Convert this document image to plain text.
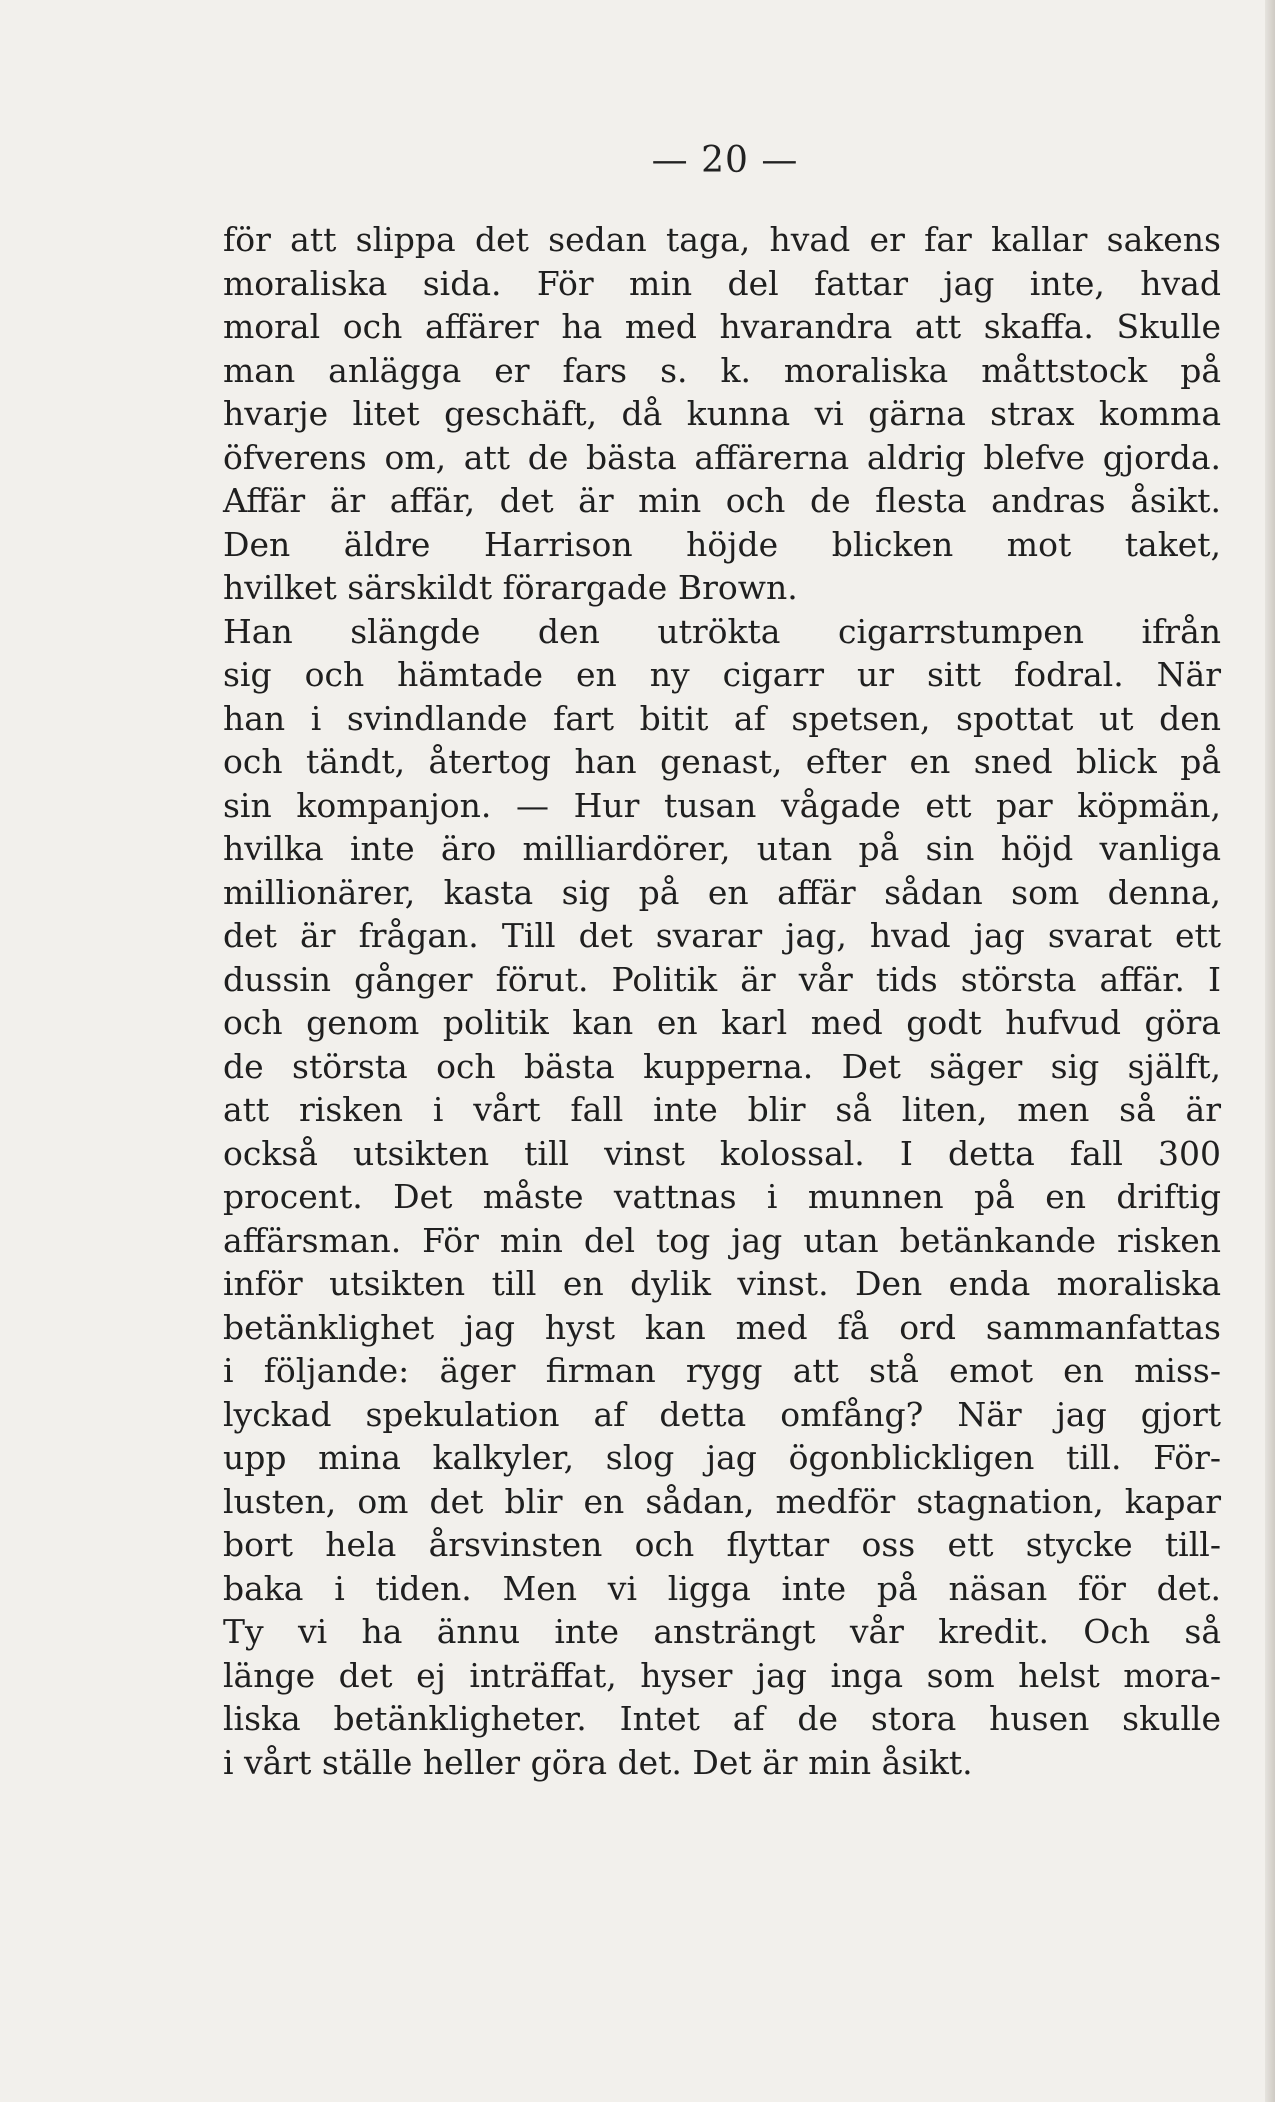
— 20 —
för att slippa det sedan taga, hvad er far kallar sakens
moraliska sida. För min del fattar jag inte, hvad
moral och affärer ha med hvarandra att skaffa. Skulle
man anlägga er fars s. k. moraliska måttstock på
hvarje litet geschäft, då kunna vi gärna strax komma
öfverens om, att de bästa affärerna aldrig blefve gjorda.
Affär är affär, det är min och de flesta andras åsikt.
Den äldre Harrison höjde blicken mot taket,
hvilket särskildt förargade Brown.
Han slängde den utrökta cigarrstumpen ifrån
sig och hämtade en ny cigarr ur sitt fodral. När
han i svindlande fart bitit af spetsen, spottat ut den
och tändt, återtog han genast, efter en sned blick på
sin kompanjon. — Hur tusan vågade ett par köpmän,
hvilka inte äro milliardörer, utan på sin höjd vanliga
millionärer, kasta sig på en affär sådan som denna,
det är frågan. Till det svarar jag, hvad jag svarat ett
dussin gånger förut. Politik är vår tids största affär. I
och genom politik kan en karl med godt hufvud göra
de största och bästa kupperna. Det säger sig själft,
att risken i vårt fall inte blir så liten, men så är
också utsikten till vinst kolossal. I detta fall 300
procent. Det måste vattnas i munnen på en driftig
affärsman. För min del tog jag utan betänkande risken
inför utsikten till en dylik vinst. Den enda moraliska
betänklighet jag hyst kan med få ord sammanfattas
i följande: äger firman rygg att stå emot en miss-
lyckad spekulation af detta omfång? När jag gjort
upp mina kalkyler, slog jag ögonblickligen till. För-
lusten, om det blir en sådan, medför stagnation, kapar
bort hela årsvinsten och flyttar oss ett stycke till-
baka i tiden. Men vi ligga inte på näsan för det.
Ty vi ha ännu inte ansträngt vår kredit. Och så
länge det ej inträffat, hyser jag inga som helst mora-
liska betänkligheter. Intet af de stora husen skulle
i vårt ställe heller göra det. Det är min åsikt.
